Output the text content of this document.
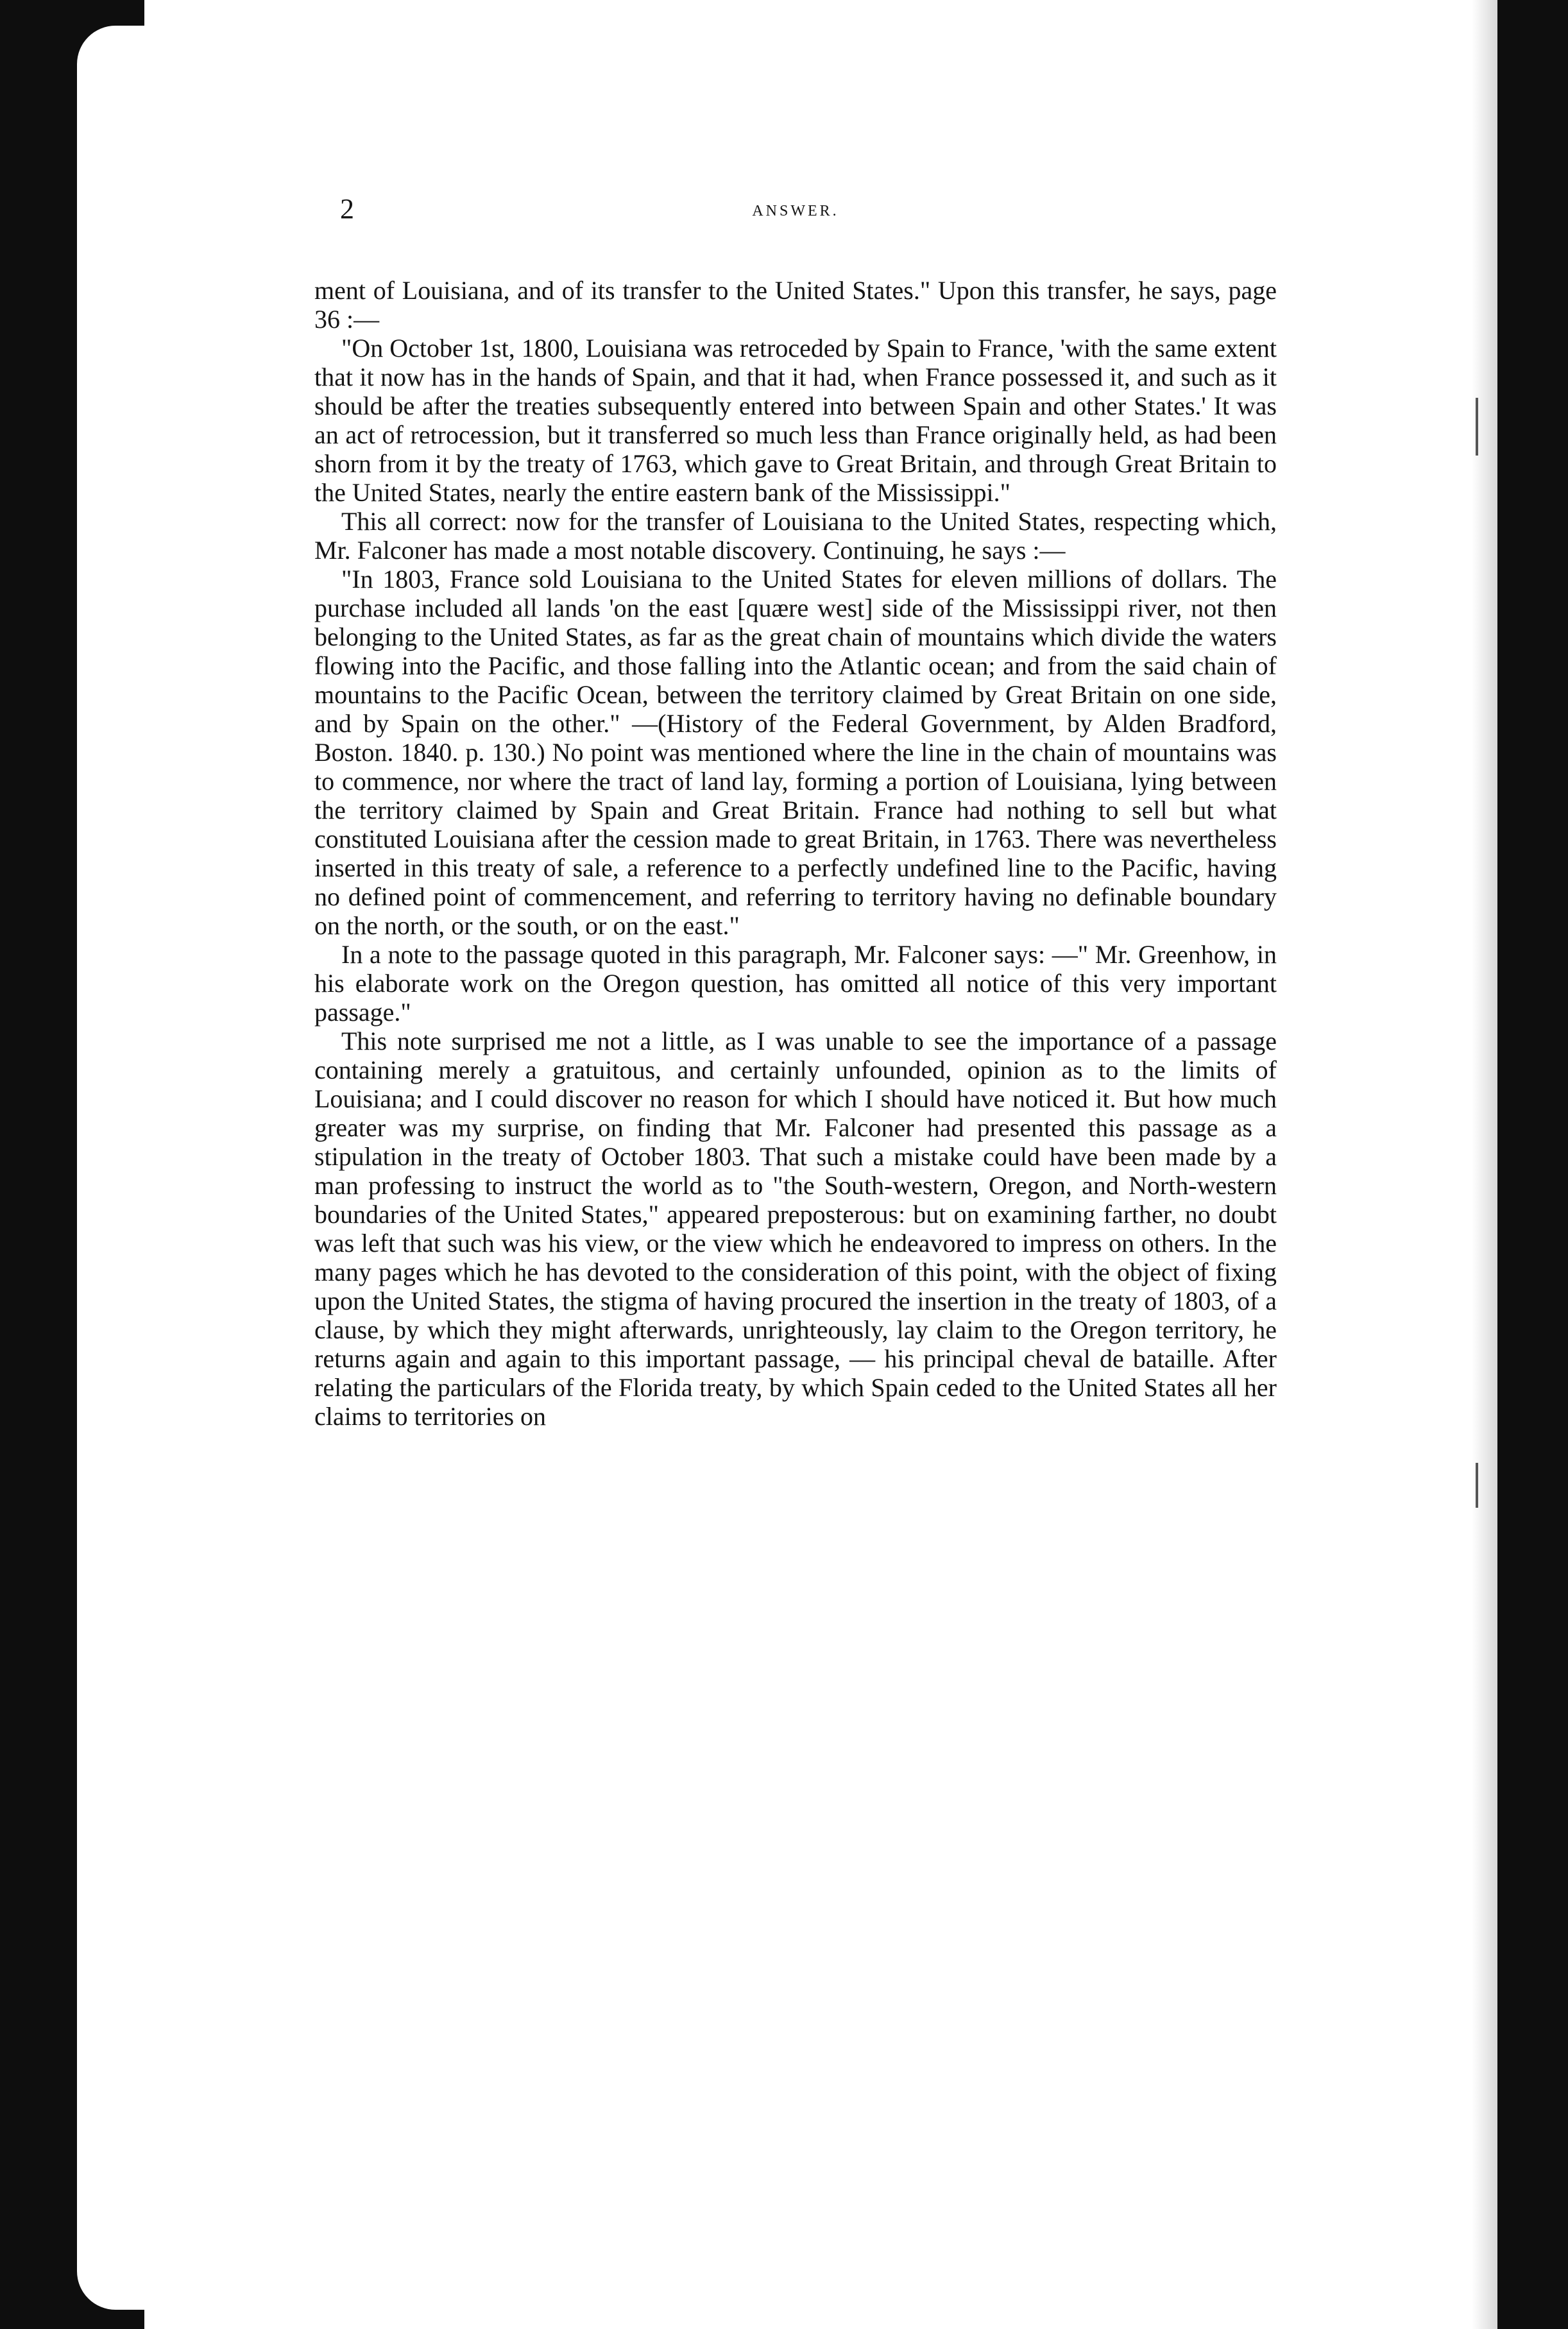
2	ANSWER.

ment of Louisiana, and of its transfer to the United States." Upon this transfer, he says, page 36 :—

"On October 1st, 1800, Louisiana was retroceded by Spain to France, 'with the same extent that it now has in the hands of Spain, and that it had, when France possessed it, and such as it should be after the treaties subsequently entered into between Spain and other States.' It was an act of retrocession, but it transferred so much less than France originally held, as had been shorn from it by the treaty of 1763, which gave to Great Britain, and through Great Britain to the United States, nearly the entire eastern bank of the Mississippi."

This all correct: now for the transfer of Louisiana to the United States, respecting which, Mr. Falconer has made a most notable discovery. Continuing, he says :—

"In 1803, France sold Louisiana to the United States for eleven millions of dollars. The purchase included all lands 'on the east [quære west] side of the Mississippi river, not then belonging to the United States, as far as the great chain of mountains which divide the waters flowing into the Pacific, and those falling into the Atlantic ocean; and from the said chain of mountains to the Pacific Ocean, between the territory claimed by Great Britain on one side, and by Spain on the other." —(History of the Federal Government, by Alden Bradford, Boston. 1840. p. 130.) No point was mentioned where the line in the chain of mountains was to commence, nor where the tract of land lay, forming a portion of Louisiana, lying between the territory claimed by Spain and Great Britain. France had nothing to sell but what constituted Louisiana after the cession made to great Britain, in 1763. There was nevertheless inserted in this treaty of sale, a reference to a perfectly undefined line to the Pacific, having no defined point of commencement, and referring to territory having no definable boundary on the north, or the south, or on the east."

In a note to the passage quoted in this paragraph, Mr. Falconer says: —" Mr. Greenhow, in his elaborate work on the Oregon question, has omitted all notice of this very important passage."

This note surprised me not a little, as I was unable to see the importance of a passage containing merely a gratuitous, and certainly unfounded, opinion as to the limits of Louisiana; and I could discover no reason for which I should have noticed it. But how much greater was my surprise, on finding that Mr. Falconer had presented this passage as a stipulation in the treaty of October 1803. That such a mistake could have been made by a man professing to instruct the world as to "the South-western, Oregon, and North-western boundaries of the United States," appeared preposterous: but on examining farther, no doubt was left that such was his view, or the view which he endeavored to impress on others. In the many pages which he has devoted to the consideration of this point, with the object of fixing upon the United States, the stigma of having procured the insertion in the treaty of 1803, of a clause, by which they might afterwards, unrighteously, lay claim to the Oregon territory, he returns again and again to this important passage, — his principal cheval de bataille. After relating the particulars of the Florida treaty, by which Spain ceded to the United States all her claims to territories on
